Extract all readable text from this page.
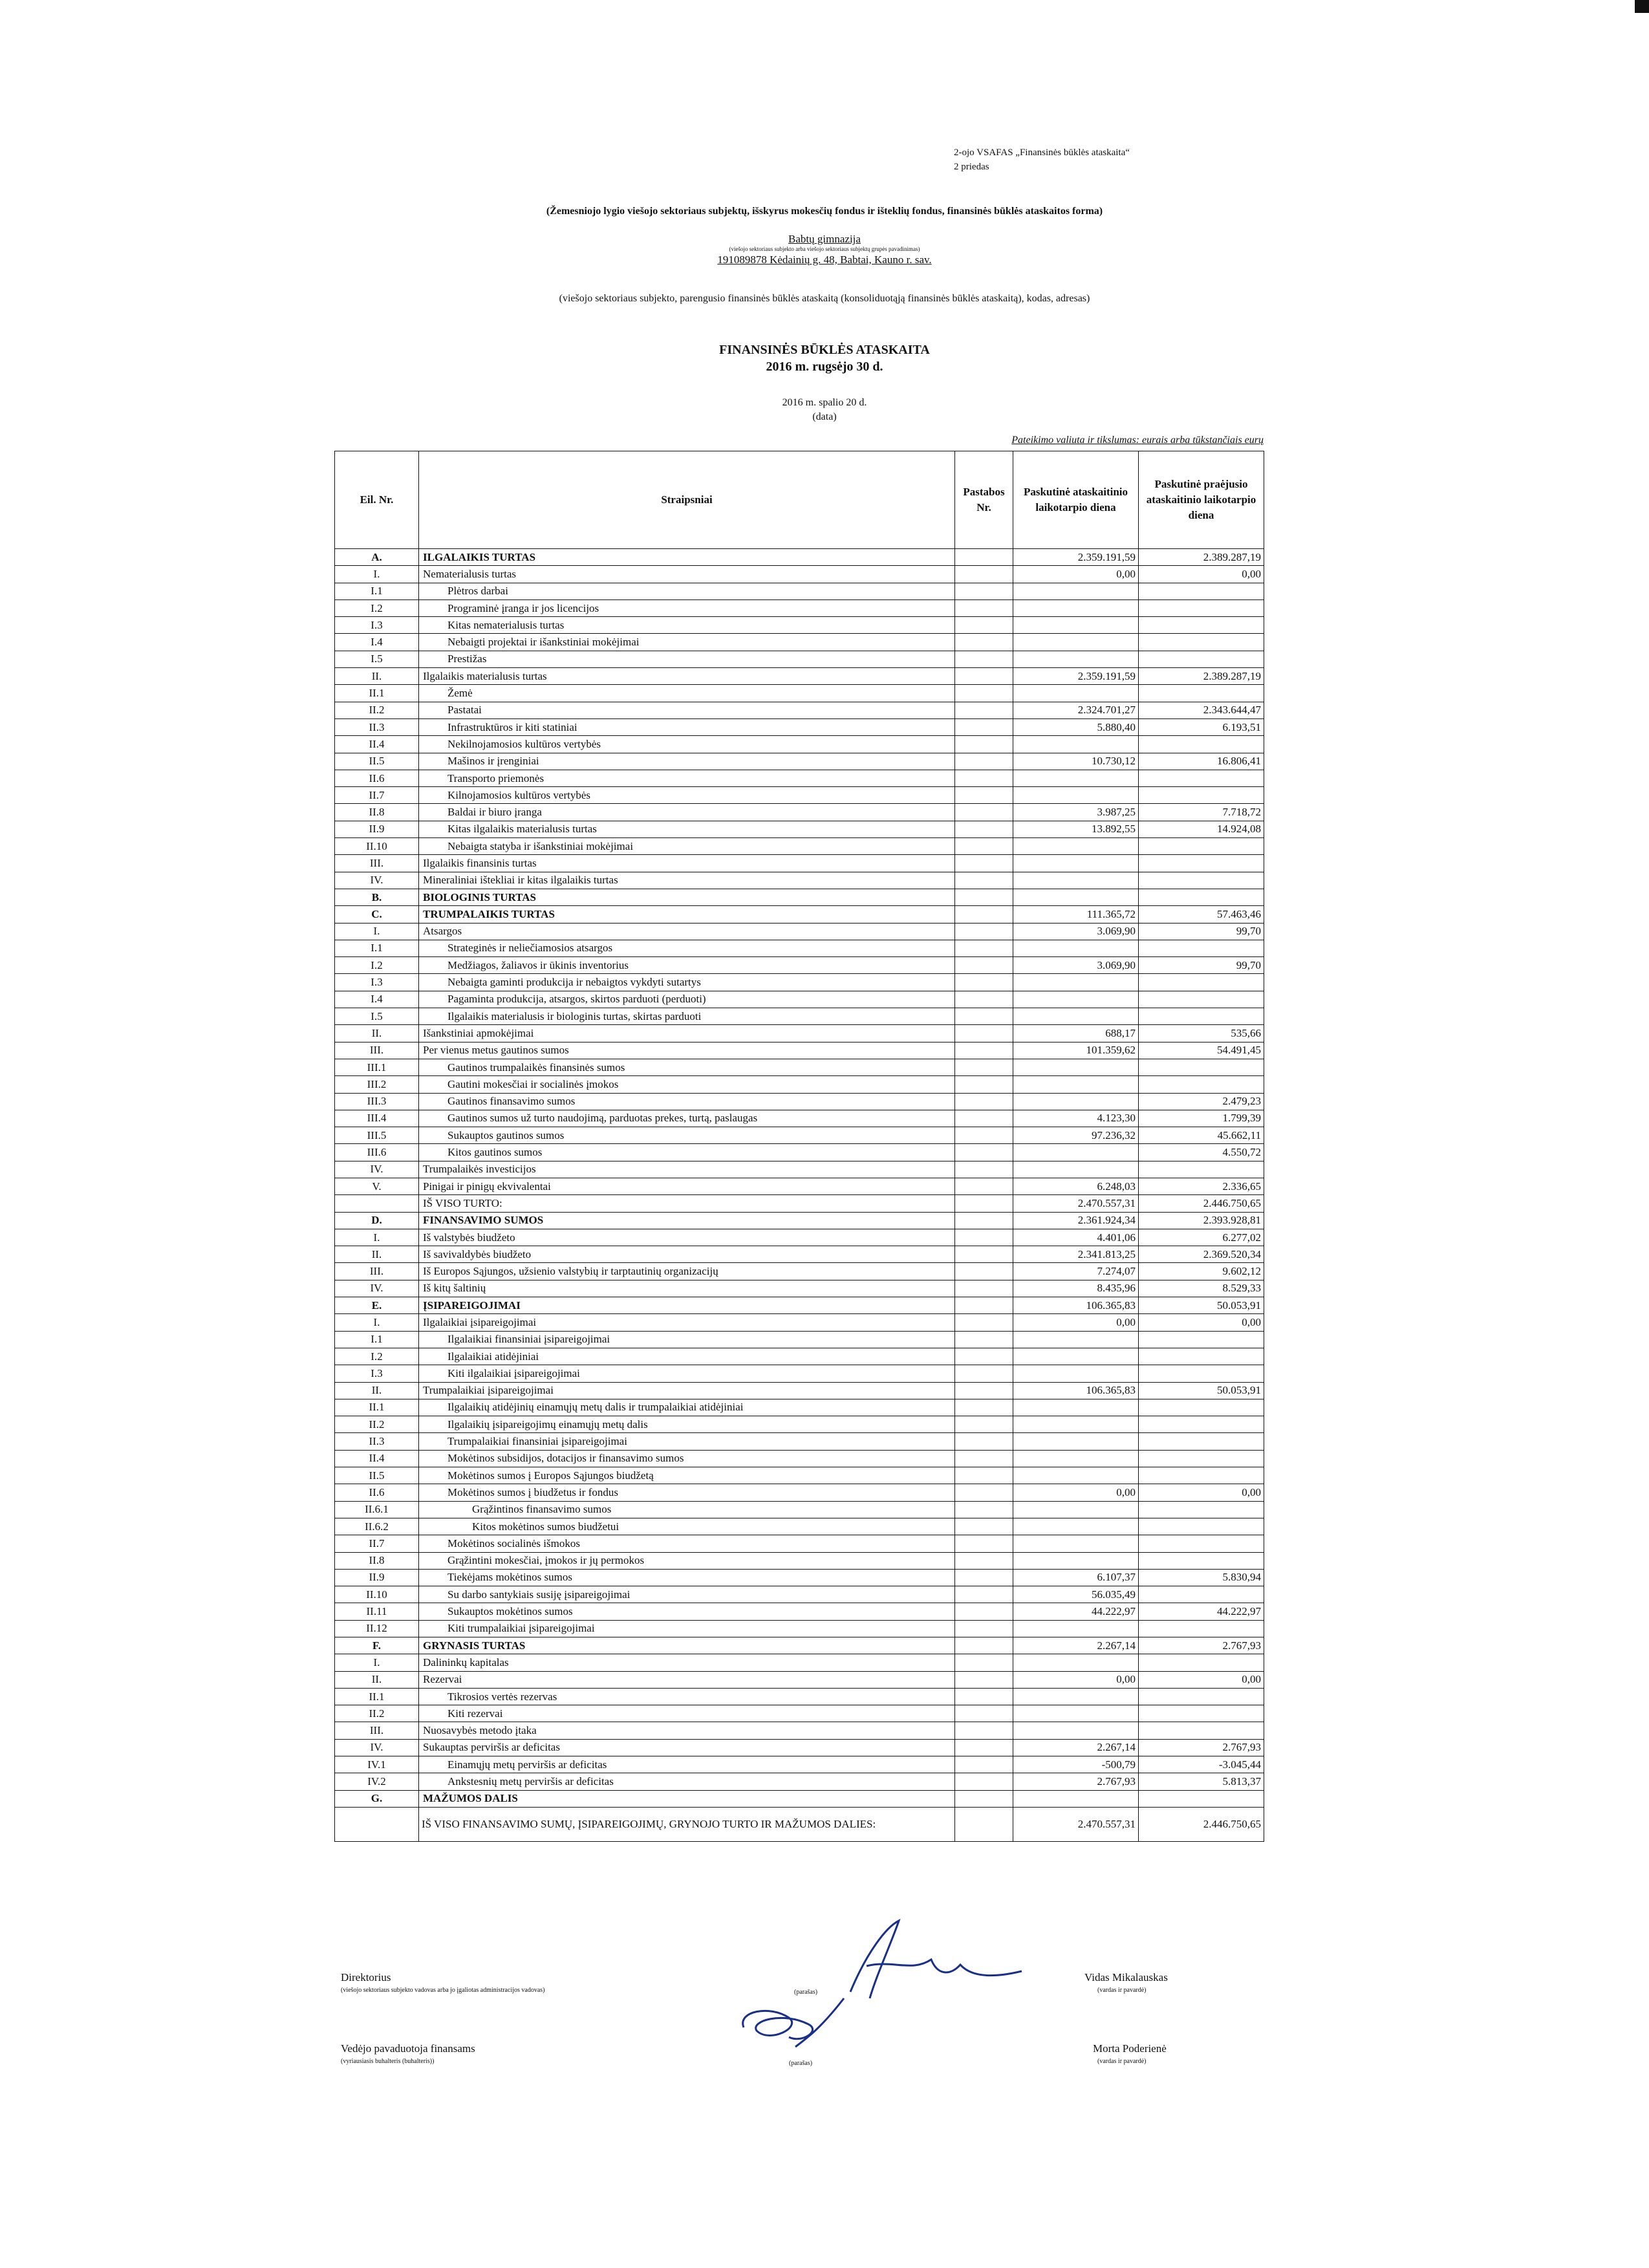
2-ojo VSAFAS „Finansinės būklės ataskaita“
2 priedas
(Žemesniojo lygio viešojo sektoriaus subjektų, išskyrus mokesčių fondus ir išteklių fondus, finansinės būklės ataskaitos forma)
Babtų gimnazija
(viešojo sektoriaus subjekto arba viešojo sektoriaus subjektų grupės pavadinimas)
191089878 Kėdainių g. 48, Babtai, Kauno r. sav.
(viešojo sektoriaus subjekto, parengusio finansinės būklės ataskaitą (konsoliduotąją finansinės būklės ataskaitą), kodas, adresas)
FINANSINĖS BŪKLĖS ATASKAITA
2016 m. rugsėjo 30 d.
2016 m. spalio 20 d.
(data)
Pateikimo valiuta ir tikslumas: eurais arba tūkstančiais eurų
Eil. Nr.	Straipsniai	Pastabos Nr.	Paskutinė ataskaitinio laikotarpio diena	Paskutinė praėjusio ataskaitinio laikotarpio diena
A.	ILGALAIKIS TURTAS		2.359.191,59	2.389.287,19
I.	Nematerialusis turtas		0,00	0,00
I.1	Plėtros darbai			
I.2	Programinė įranga ir jos licencijos			
I.3	Kitas nematerialusis turtas			
I.4	Nebaigti projektai ir išankstiniai mokėjimai			
I.5	Prestižas			
II.	Ilgalaikis materialusis turtas		2.359.191,59	2.389.287,19
II.1	Žemė			
II.2	Pastatai		2.324.701,27	2.343.644,47
II.3	Infrastruktūros ir kiti statiniai		5.880,40	6.193,51
II.4	Nekilnojamosios kultūros vertybės			
II.5	Mašinos ir įrenginiai		10.730,12	16.806,41
II.6	Transporto priemonės			
II.7	Kilnojamosios kultūros vertybės			
II.8	Baldai ir biuro įranga		3.987,25	7.718,72
II.9	Kitas ilgalaikis materialusis turtas		13.892,55	14.924,08
II.10	Nebaigta statyba ir išankstiniai mokėjimai			
III.	Ilgalaikis finansinis turtas			
IV.	Mineraliniai ištekliai ir kitas ilgalaikis turtas			
B.	BIOLOGINIS TURTAS			
C.	TRUMPALAIKIS TURTAS		111.365,72	57.463,46
I.	Atsargos		3.069,90	99,70
I.1	Strateginės ir neliečiamosios atsargos			
I.2	Medžiagos, žaliavos ir ūkinis inventorius		3.069,90	99,70
I.3	Nebaigta gaminti produkcija ir nebaigtos vykdyti sutartys			
I.4	Pagaminta produkcija, atsargos, skirtos parduoti (perduoti)			
I.5	Ilgalaikis materialusis ir biologinis turtas, skirtas parduoti			
II.	Išankstiniai apmokėjimai		688,17	535,66
III.	Per vienus metus gautinos sumos		101.359,62	54.491,45
III.1	Gautinos trumpalaikės finansinės sumos			
III.2	Gautini mokesčiai ir socialinės įmokos			
III.3	Gautinos finansavimo sumos			2.479,23
III.4	Gautinos sumos už turto naudojimą, parduotas prekes, turtą, paslaugas		4.123,30	1.799,39
III.5	Sukauptos gautinos sumos		97.236,32	45.662,11
III.6	Kitos gautinos sumos			4.550,72
IV.	Trumpalaikės investicijos			
V.	Pinigai ir pinigų ekvivalentai		6.248,03	2.336,65
	IŠ VISO TURTO:		2.470.557,31	2.446.750,65
D.	FINANSAVIMO SUMOS		2.361.924,34	2.393.928,81
I.	Iš valstybės biudžeto		4.401,06	6.277,02
II.	Iš savivaldybės biudžeto		2.341.813,25	2.369.520,34
III.	Iš Europos Sąjungos, užsienio valstybių ir tarptautinių organizacijų		7.274,07	9.602,12
IV.	Iš kitų šaltinių		8.435,96	8.529,33
E.	ĮSIPAREIGOJIMAI		106.365,83	50.053,91
I.	Ilgalaikiai įsipareigojimai		0,00	0,00
I.1	Ilgalaikiai finansiniai įsipareigojimai			
I.2	Ilgalaikiai atidėjiniai			
I.3	Kiti ilgalaikiai įsipareigojimai			
II.	Trumpalaikiai įsipareigojimai		106.365,83	50.053,91
II.1	Ilgalaikių atidėjinių einamųjų metų dalis ir trumpalaikiai atidėjiniai			
II.2	Ilgalaikių įsipareigojimų einamųjų metų dalis			
II.3	Trumpalaikiai finansiniai įsipareigojimai			
II.4	Mokėtinos subsidijos, dotacijos ir finansavimo sumos			
II.5	Mokėtinos sumos į Europos Sąjungos biudžetą			
II.6	Mokėtinos sumos į biudžetus ir fondus		0,00	0,00
II.6.1	Grąžintinos finansavimo sumos			
II.6.2	Kitos mokėtinos sumos biudžetui			
II.7	Mokėtinos socialinės išmokos			
II.8	Grąžintini mokesčiai, įmokos ir jų permokos			
II.9	Tiekėjams mokėtinos sumos		6.107,37	5.830,94
II.10	Su darbo santykiais susiję įsipareigojimai		56.035,49	
II.11	Sukauptos mokėtinos sumos		44.222,97	44.222,97
II.12	Kiti trumpalaikiai įsipareigojimai			
F.	GRYNASIS TURTAS		2.267,14	2.767,93
I.	Dalininkų kapitalas			
II.	Rezervai		0,00	0,00
II.1	Tikrosios vertės rezervas			
II.2	Kiti rezervai			
III.	Nuosavybės metodo įtaka			
IV.	Sukauptas perviršis ar deficitas		2.267,14	2.767,93
IV.1	Einamųjų metų perviršis ar deficitas		-500,79	-3.045,44
IV.2	Ankstesnių metų perviršis ar deficitas		2.767,93	5.813,37
G.	MAŽUMOS DALIS			
	IŠ VISO FINANSAVIMO SUMŲ, ĮSIPAREIGOJIMŲ, GRYNOJO TURTO IR MAŽUMOS DALIES:		2.470.557,31	2.446.750,65
Direktorius
(viešojo sektoriaus subjekto vadovas arba jo įgaliotas administracijos vadovas)	(parašas)
Vidas Mikalauskas
(vardas ir pavardė)
Vedėjo pavaduotoja finansams
(vyriausiasis buhalteris (buhalteris))	(parašas)
Morta Poderienė
(vardas ir pavardė)
